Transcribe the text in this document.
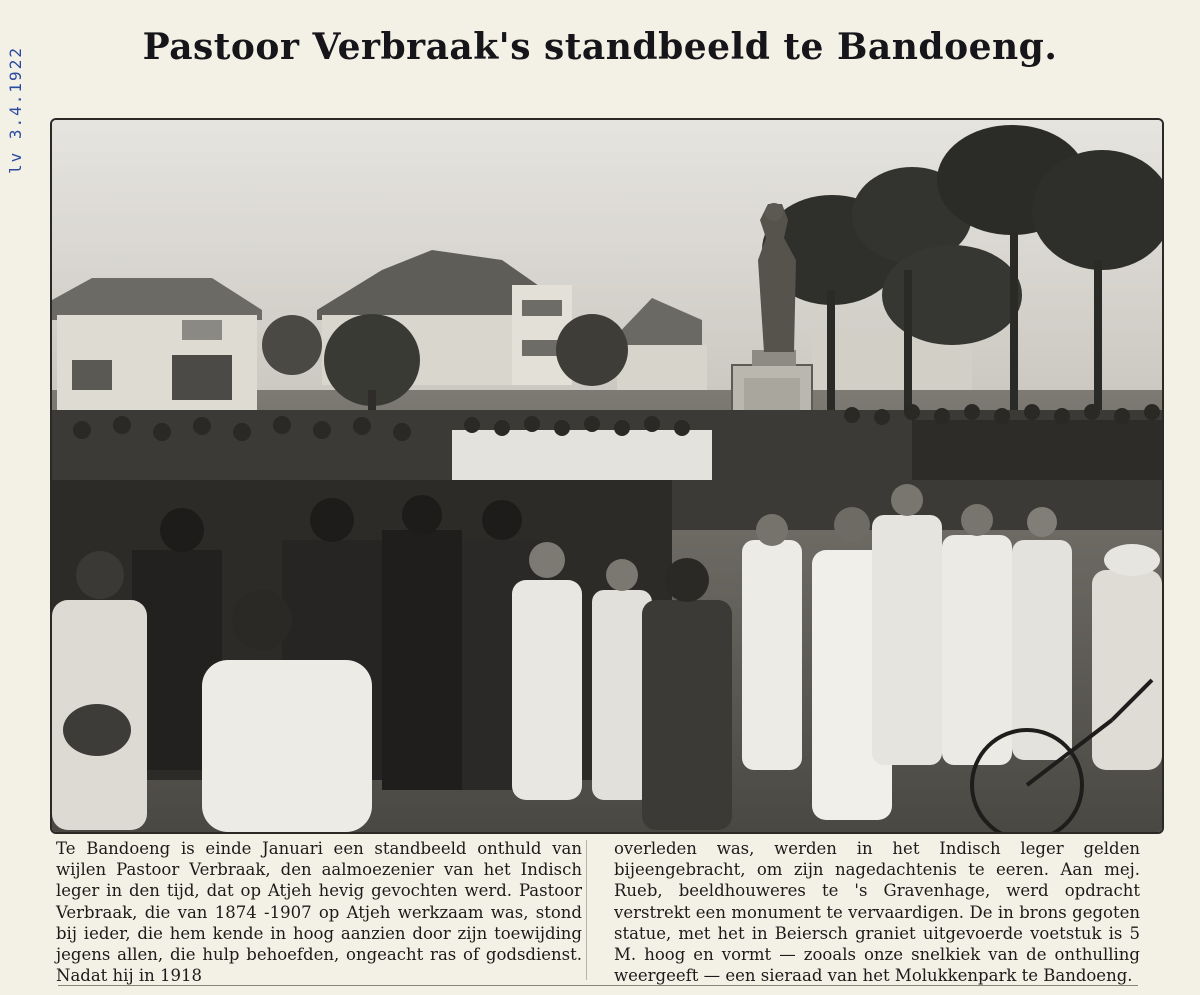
lv 3.4.1922	Pastoor Verbraak's standbeeld te Bandoeng.

Te Bandoeng is einde Januari een standbeeld onthuld van wijlen Pastoor Verbraak, den aalmoezenier van het Indisch leger in den tijd, dat op Atjeh hevig gevochten werd. Pastoor Verbraak, die van 1874 -1907 op Atjeh werkzaam was, stond bij ieder, die hem kende in hoog aanzien door zijn toewijding jegens allen, die hulp behoefden, ongeacht ras of godsdienst. Nadat hij in 1918

overleden was, werden in het Indisch leger gelden bijeengebracht, om zijn nagedachtenis te eeren. Aan mej. Rueb, beeldhouweres te 's Gravenhage, werd opdracht verstrekt een monument te vervaardigen. De in brons gegoten statue, met het in Beiersch graniet uitgevoerde voetstuk is 5 M. hoog en vormt — zooals onze snelkiek van de onthulling weergeeft — een sieraad van het Molukkenpark te Bandoeng.
